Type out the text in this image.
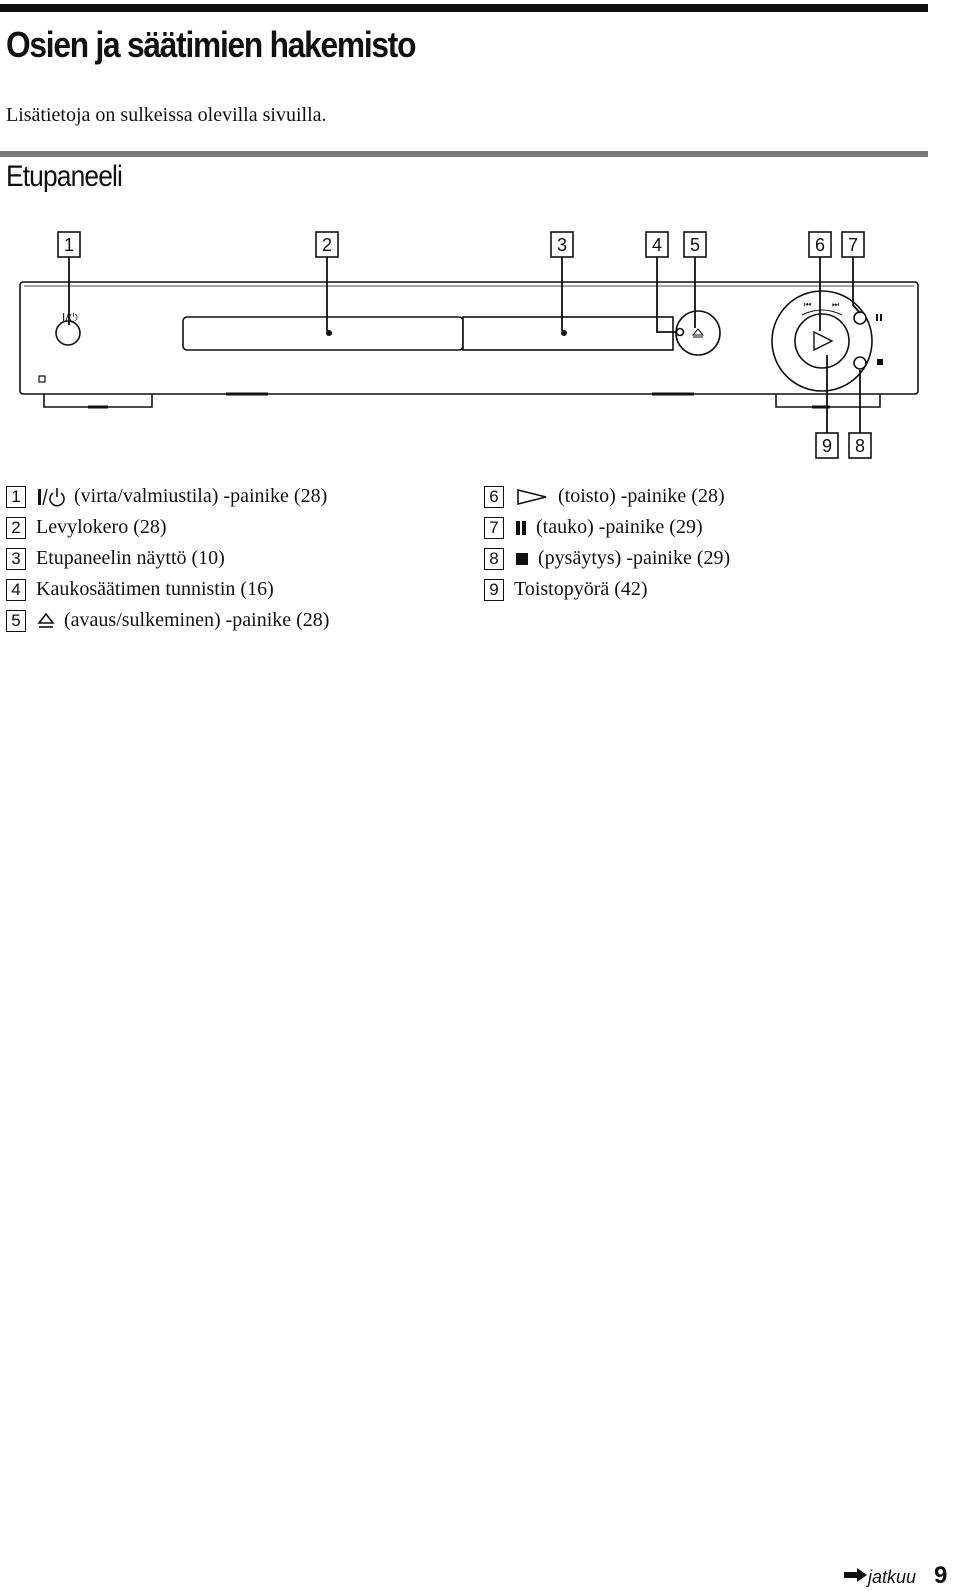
Osien ja säätimien hakemisto
Lisätietoja on sulkeissa olevilla sivuilla.
Etupaneeli
1	2	3	4 5	6 7
9 8
I/⏻
⏮	⏭
1	(virta/valmiustila) -painike (28)
2 Levylokero (28)
3 Etupaneelin näyttö (10)
4 Kaukosäätimen tunnistin (16)
5 (avaus/sulkeminen) -painike (28)
6	(toisto) -painike (28)
7 (tauko) -painike (29)
8 (pysäytys) -painike (29)
9 Toistopyörä (42)
jatkuu 9
